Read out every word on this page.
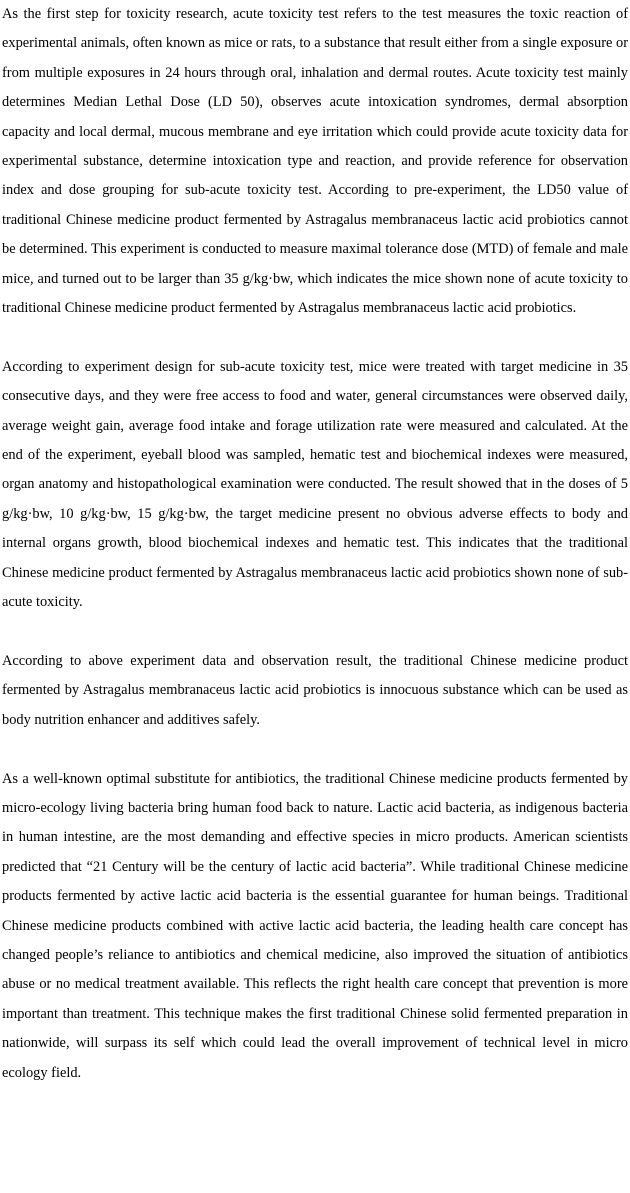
As the first step for toxicity research, acute toxicity test refers to the test measures the toxic reaction of experimental animals, often known as mice or rats, to a substance that result either from a single exposure or from multiple exposures in 24 hours through oral, inhalation and dermal routes. Acute toxicity test mainly determines Median Lethal Dose (LD 50), observes acute intoxication syndromes, dermal absorption capacity and local dermal, mucous membrane and eye irritation which could provide acute toxicity data for experimental substance, determine intoxication type and reaction, and provide reference for observation index and dose grouping for sub-acute toxicity test. According to pre-experiment, the LD50 value of traditional Chinese medicine product fermented by Astragalus membranaceus lactic acid probiotics cannot be determined. This experiment is conducted to measure maximal tolerance dose (MTD) of female and male mice, and turned out to be larger than 35 g/kg·bw, which indicates the mice shown none of acute toxicity to traditional Chinese medicine product fermented by Astragalus membranaceus lactic acid probiotics.

According to experiment design for sub-acute toxicity test, mice were treated with target medicine in 35 consecutive days, and they were free access to food and water, general circumstances were observed daily, average weight gain, average food intake and forage utilization rate were measured and calculated. At the end of the experiment, eyeball blood was sampled, hematic test and biochemical indexes were measured, organ anatomy and histopathological examination were conducted. The result showed that in the doses of 5 g/kg·bw, 10 g/kg·bw, 15 g/kg·bw, the target medicine present no obvious adverse effects to body and internal organs growth, blood biochemical indexes and hematic test. This indicates that the traditional Chinese medicine product fermented by Astragalus membranaceus lactic acid probiotics shown none of sub-acute toxicity.

According to above experiment data and observation result, the traditional Chinese medicine product fermented by Astragalus membranaceus lactic acid probiotics is innocuous substance which can be used as body nutrition enhancer and additives safely.

As a well-known optimal substitute for antibiotics, the traditional Chinese medicine products fermented by micro-ecology living bacteria bring human food back to nature. Lactic acid bacteria, as indigenous bacteria in human intestine, are the most demanding and effective species in micro products. American scientists predicted that “21 Century will be the century of lactic acid bacteria”. While traditional Chinese medicine products fermented by active lactic acid bacteria is the essential guarantee for human beings. Traditional Chinese medicine products combined with active lactic acid bacteria, the leading health care concept has changed people’s reliance to antibiotics and chemical medicine, also improved the situation of antibiotics abuse or no medical treatment available. This reflects the right health care concept that prevention is more important than treatment. This technique makes the first traditional Chinese solid fermented preparation in nationwide, will surpass its self which could lead the overall improvement of technical level in micro ecology field.
